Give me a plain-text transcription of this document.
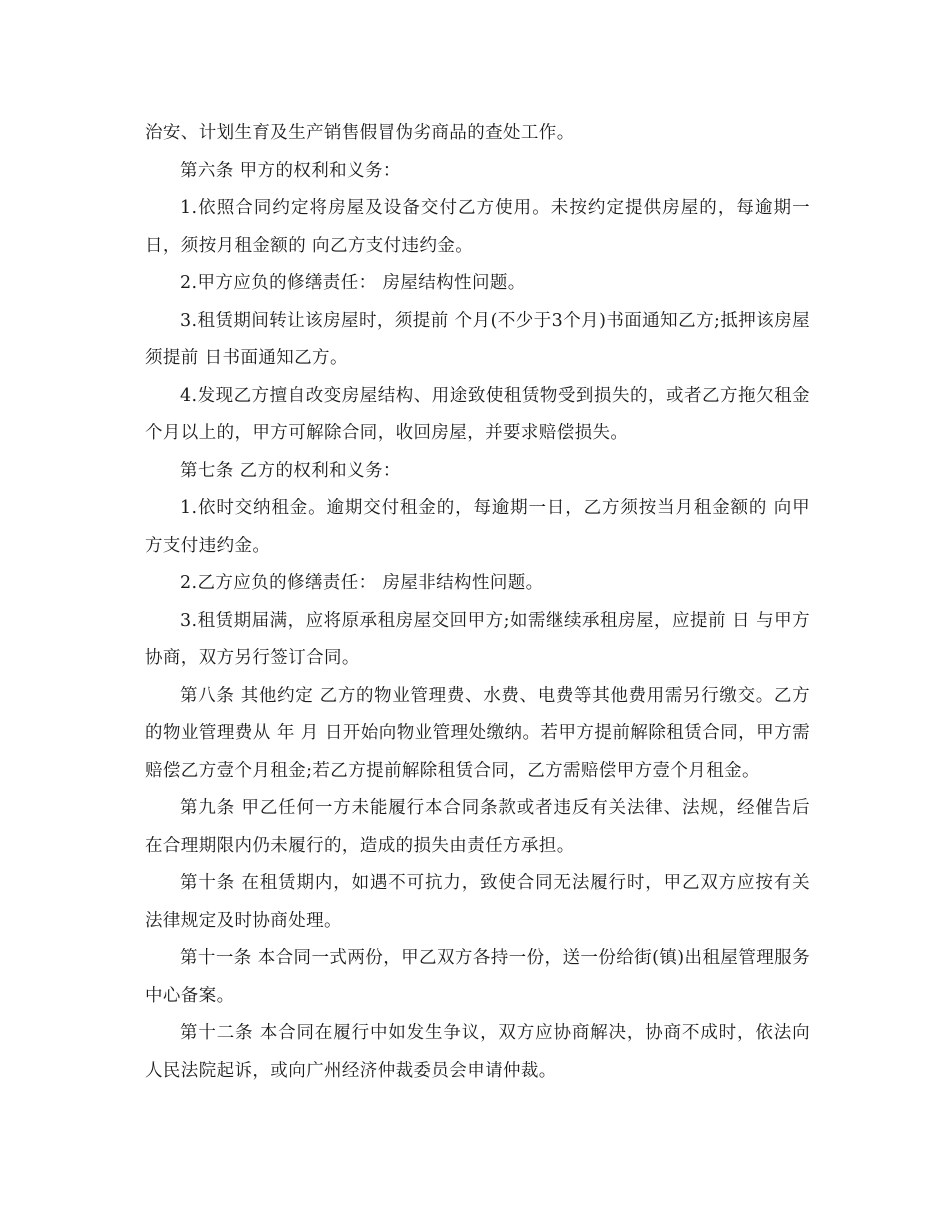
治安、计划生育及生产销售假冒伪劣商品的查处工作。

第六条 甲方的权利和义务：

1.依照合同约定将房屋及设备交付乙方使用。未按约定提供房屋的，每逾期一日，须按月租金额的 向乙方支付违约金。

2.甲方应负的修缮责任： 房屋结构性问题。

3.租赁期间转让该房屋时，须提前 个月(不少于3个月)书面通知乙方;抵押该房屋须提前 日书面通知乙方。

4.发现乙方擅自改变房屋结构、用途致使租赁物受到损失的，或者乙方拖欠租金 个月以上的，甲方可解除合同，收回房屋，并要求赔偿损失。

第七条 乙方的权利和义务：

1.依时交纳租金。逾期交付租金的，每逾期一日，乙方须按当月租金额的 向甲方支付违约金。

2.乙方应负的修缮责任： 房屋非结构性问题。

3.租赁期届满，应将原承租房屋交回甲方;如需继续承租房屋，应提前 日 与甲方协商，双方另行签订合同。

第八条 其他约定 乙方的物业管理费、水费、电费等其他费用需另行缴交。乙方的物业管理费从 年 月 日开始向物业管理处缴纳。若甲方提前解除租赁合同，甲方需赔偿乙方壹个月租金;若乙方提前解除租赁合同，乙方需赔偿甲方壹个月租金。

第九条 甲乙任何一方未能履行本合同条款或者违反有关法律、法规，经催告后在合理期限内仍未履行的，造成的损失由责任方承担。

第十条 在租赁期内，如遇不可抗力，致使合同无法履行时，甲乙双方应按有关法律规定及时协商处理。

第十一条 本合同一式两份，甲乙双方各持一份，送一份给街(镇)出租屋管理服务中心备案。

第十二条 本合同在履行中如发生争议，双方应协商解决，协商不成时，依法向人民法院起诉，或向广州经济仲裁委员会申请仲裁。
